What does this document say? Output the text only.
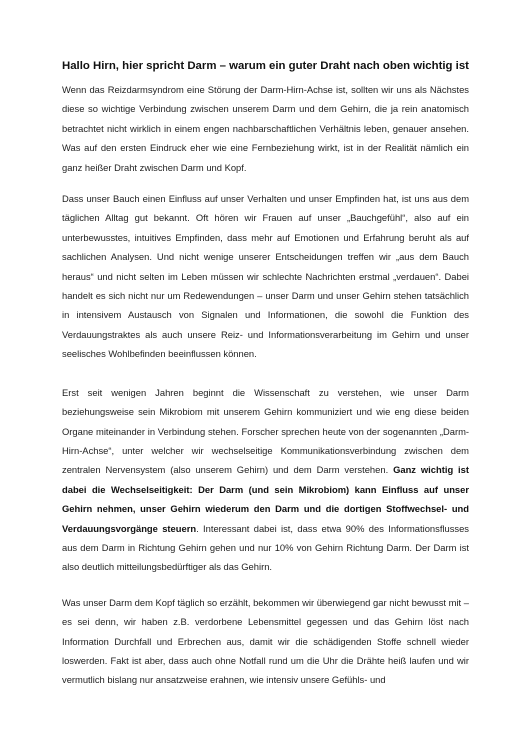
Hallo Hirn, hier spricht Darm – warum ein guter Draht nach oben wichtig ist

Wenn das Reizdarmsyndrom eine Störung der Darm-Hirn-Achse ist, sollten wir uns als Nächstes diese so wichtige Verbindung zwischen unserem Darm und dem Gehirn, die ja rein anatomisch betrachtet nicht wirklich in einem engen nachbarschaftlichen Verhältnis leben, genauer ansehen. Was auf den ersten Eindruck eher wie eine Fernbeziehung wirkt, ist in der Realität nämlich ein ganz heißer Draht zwischen Darm und Kopf.

Dass unser Bauch einen Einfluss auf unser Verhalten und unser Empfinden hat, ist uns aus dem täglichen Alltag gut bekannt. Oft hören wir Frauen auf unser „Bauchgefühl“, also auf ein unterbewusstes, intuitives Empfinden, dass mehr auf Emotionen und Erfahrung beruht als auf sachlichen Analysen. Und nicht wenige unserer Entscheidungen treffen wir „aus dem Bauch heraus“ und nicht selten im Leben müssen wir schlechte Nachrichten erstmal „verdauen“. Dabei handelt es sich nicht nur um Redewendungen – unser Darm und unser Gehirn stehen tatsächlich in intensivem Austausch von Signalen und Informationen, die sowohl die Funktion des Verdauungstraktes als auch unsere Reiz- und Informationsverarbeitung im Gehirn und unser seelisches Wohlbefinden beeinflussen können.

Erst seit wenigen Jahren beginnt die Wissenschaft zu verstehen, wie unser Darm beziehungsweise sein Mikrobiom mit unserem Gehirn kommuniziert und wie eng diese beiden Organe miteinander in Verbindung stehen. Forscher sprechen heute von der sogenannten „Darm-Hirn-Achse“, unter welcher wir wechselseitige Kommunikationsverbindung zwischen dem zentralen Nervensystem (also unserem Gehirn) und dem Darm verstehen. Ganz wichtig ist dabei die Wechselseitigkeit: Der Darm (und sein Mikrobiom) kann Einfluss auf unser Gehirn nehmen, unser Gehirn wiederum den Darm und die dortigen Stoffwechsel- und Verdauungsvorgänge steuern. Interessant dabei ist, dass etwa 90% des Informationsflusses aus dem Darm in Richtung Gehirn gehen und nur 10% von Gehirn Richtung Darm. Der Darm ist also deutlich mitteilungsbedürftiger als das Gehirn.

Was unser Darm dem Kopf täglich so erzählt, bekommen wir überwiegend gar nicht bewusst mit – es sei denn, wir haben z.B. verdorbene Lebensmittel gegessen und das Gehirn löst nach Information Durchfall und Erbrechen aus, damit wir die schädigenden Stoffe schnell wieder loswerden. Fakt ist aber, dass auch ohne Notfall rund um die Uhr die Drähte heiß laufen und wir vermutlich bislang nur ansatzweise erahnen, wie intensiv unsere Gefühls- und
